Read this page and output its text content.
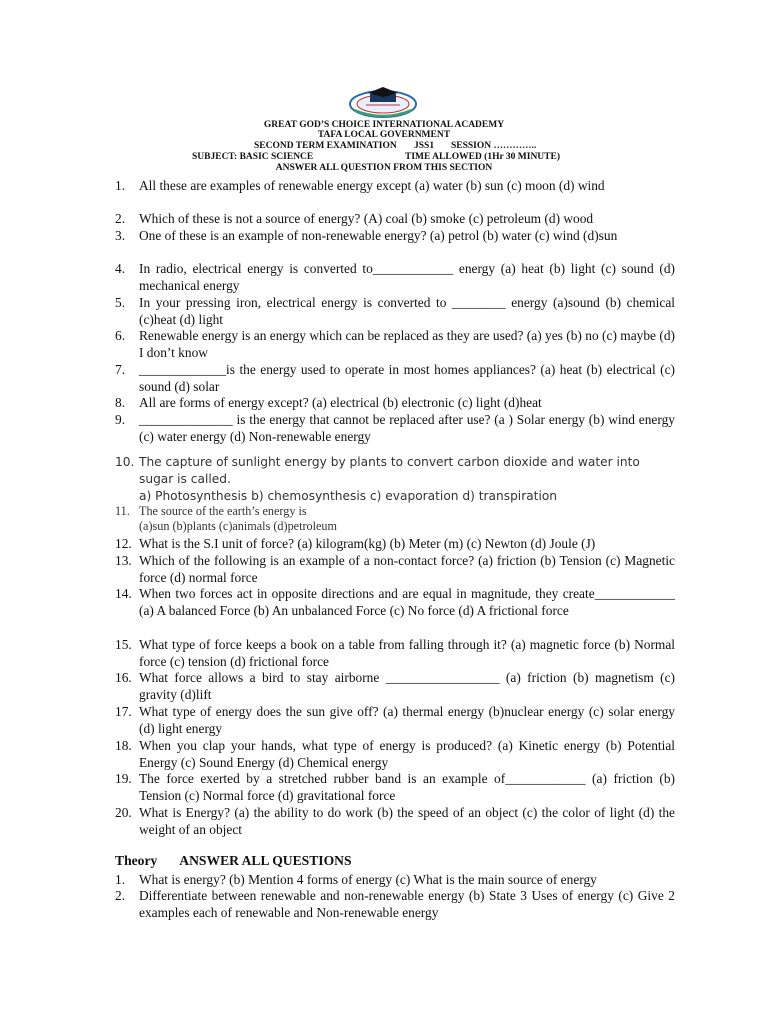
GREAT GOD’S CHOICE INTERNATIONAL ACADEMY
TAFA LOCAL GOVERNMENT
SECOND TERM EXAMINATION JSS1 SESSION …………..
SUBJECT: BASIC SCIENCE	TIME ALLOWED (1Hr 30 MINUTE)
ANSWER ALL QUESTION FROM THIS SECTION
1.	All these are examples of renewable energy except (a) water (b) sun (c) moon (d) wind
2.	Which of these is not a source of energy? (A) coal (b) smoke (c) petroleum (d) wood
3.	One of these is an example of non-renewable energy? (a) petrol (b) water (c) wind (d)sun
4.	In radio, electrical energy is converted to____________ energy (a) heat (b) light (c) sound (d) mechanical energy
5.	In your pressing iron, electrical energy is converted to ________ energy (a)sound (b) chemical (c)heat (d) light
6.	Renewable energy is an energy which can be replaced as they are used? (a) yes (b) no (c) maybe (d) I don’t know
7.	_____________is the energy used to operate in most homes appliances? (a) heat (b) electrical (c) sound (d) solar
8.	All are forms of energy except? (a) electrical (b) electronic (c) light (d)heat
9.	______________ is the energy that cannot be replaced after use? (a ) Solar energy (b) wind energy (c) water energy (d) Non-renewable energy
10. The capture of sunlight energy by plants to convert carbon dioxide and water into sugar is called.
a) Photosynthesis b) chemosynthesis c) evaporation d) transpiration
11. The source of the earth’s energy is
(a)sun (b)plants (c)animals (d)petroleum
12. What is the S.I unit of force? (a) kilogram(kg) (b) Meter (m) (c) Newton (d) Joule (J)
13. Which of the following is an example of a non-contact force? (a) friction (b) Tension (c) Magnetic force (d) normal force
14. When two forces act in opposite directions and are equal in magnitude, they create____________ (a) A balanced Force (b) An unbalanced Force (c) No force (d) A frictional force
15. What type of force keeps a book on a table from falling through it? (a) magnetic force (b) Normal force (c) tension (d) frictional force
16. What force allows a bird to stay airborne _________________ (a) friction (b) magnetism (c) gravity (d)lift
17. What type of energy does the sun give off? (a) thermal energy (b)nuclear energy (c) solar energy (d) light energy
18. When you clap your hands, what type of energy is produced? (a) Kinetic energy (b) Potential Energy (c) Sound Energy (d) Chemical energy
19. The force exerted by a stretched rubber band is an example of____________ (a) friction (b) Tension (c) Normal force (d) gravitational force
20. What is Energy? (a) the ability to do work (b) the speed of an object (c) the color of light (d) the weight of an object
Theory ANSWER ALL QUESTIONS
1.	What is energy? (b) Mention 4 forms of energy (c) What is the main source of energy
2.	Differentiate between renewable and non-renewable energy (b) State 3 Uses of energy (c) Give 2 examples each of renewable and Non-renewable energy
